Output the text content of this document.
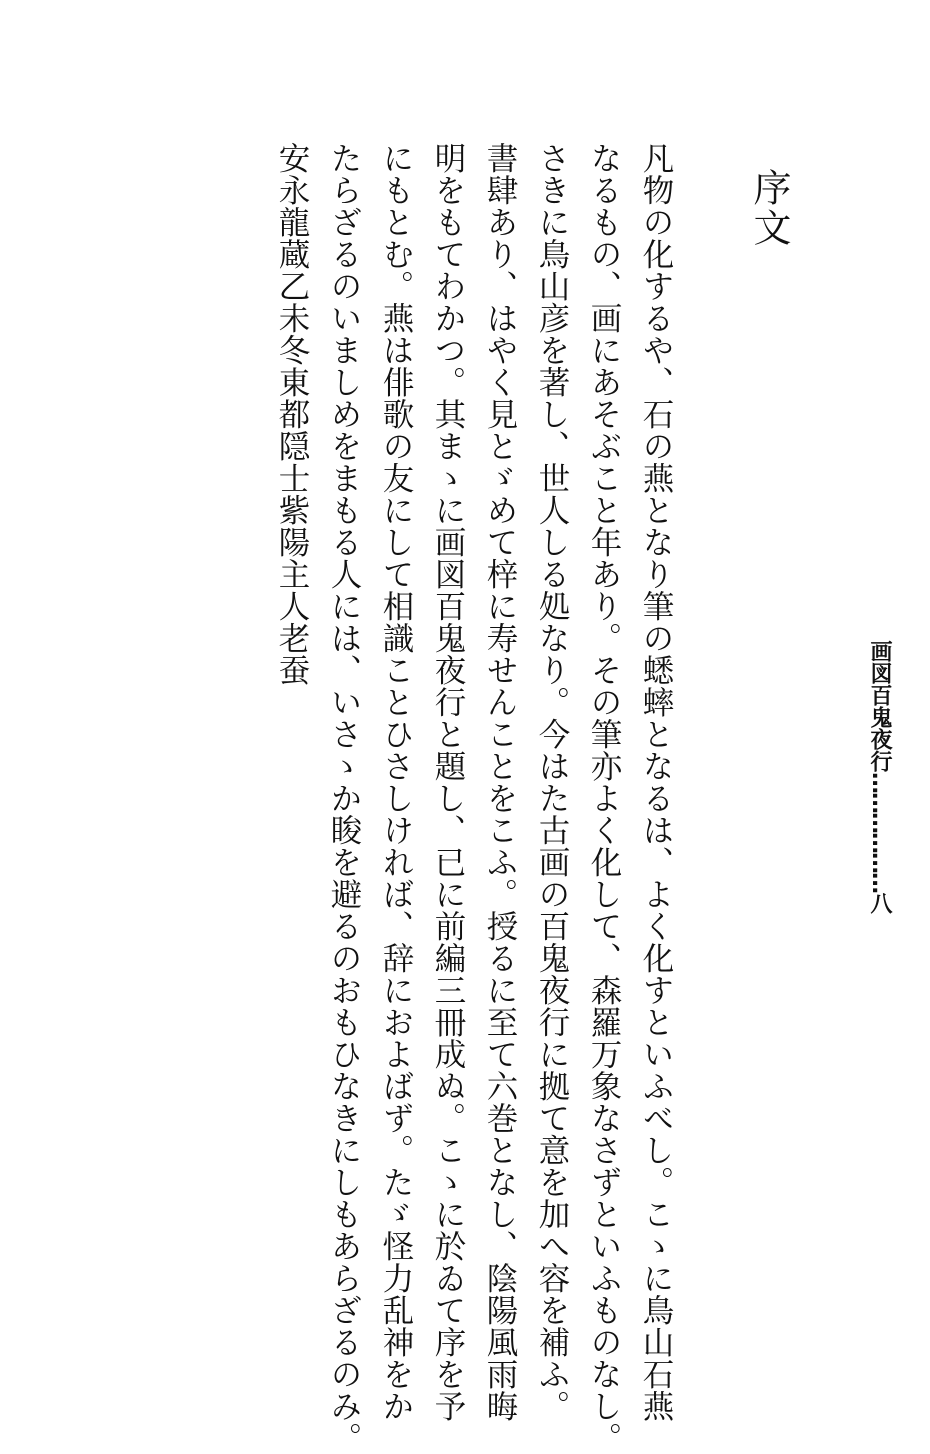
序文
凡物の化するや、石の燕となり筆の蟋蟀となるは、よく化すといふべし。こゝに鳥山石燕
なるもの、画にあそぶこと年あり。その筆亦よく化して、森羅万象なさずといふものなし。
さきに鳥山彦を著し、世人しる処なり。今はた古画の百鬼夜行に拠て意を加へ容を補ふ。
書肆あり、はやく見とゞめて梓に寿せんことをこふ。授るに至て六巻となし、陰陽風雨晦
明をもてわかつ。其まゝに画図百鬼夜行と題し、已に前編三冊成ぬ。こゝに於ゐて序を予
にもとむ。燕は俳歌の友にして相識ことひさしければ、辞におよばず。たゞ怪力乱神をか
たらざるのいましめをまもる人には、いさゝか睃を避るのおもひなきにしもあらざるのみ。
安永龍蔵乙未冬東都隠士紫陽主人老蚕
画図百鬼夜行………………八
